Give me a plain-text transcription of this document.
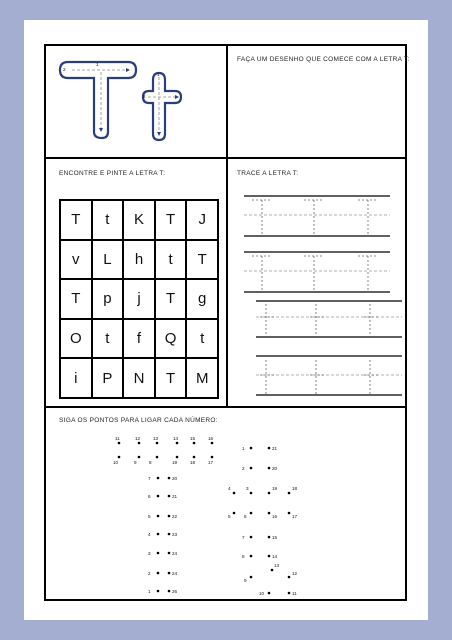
2
1
2
1
FAÇA UM DESENHO QUE COMECE COM A LETRA T:
ENCONTRE E PINTE A LETRA T:
T	t	K	T	J
v	L	h	t	T
T	p	j	T	g
O	t	f	Q	t
i	P	N	T	M
TRACE A LETRA T:
SIGA OS PONTOS PARA LIGAR CADA NÚMERO:
11	12	13	14	15	16
10	9	8	19	18	17
7	20
6	21
5	22
4	23
3	24
2	24
1	26
1	21
2	20
4	3	19	18
5	6	16	17
7	15
8	14
13
12
9
10	11
